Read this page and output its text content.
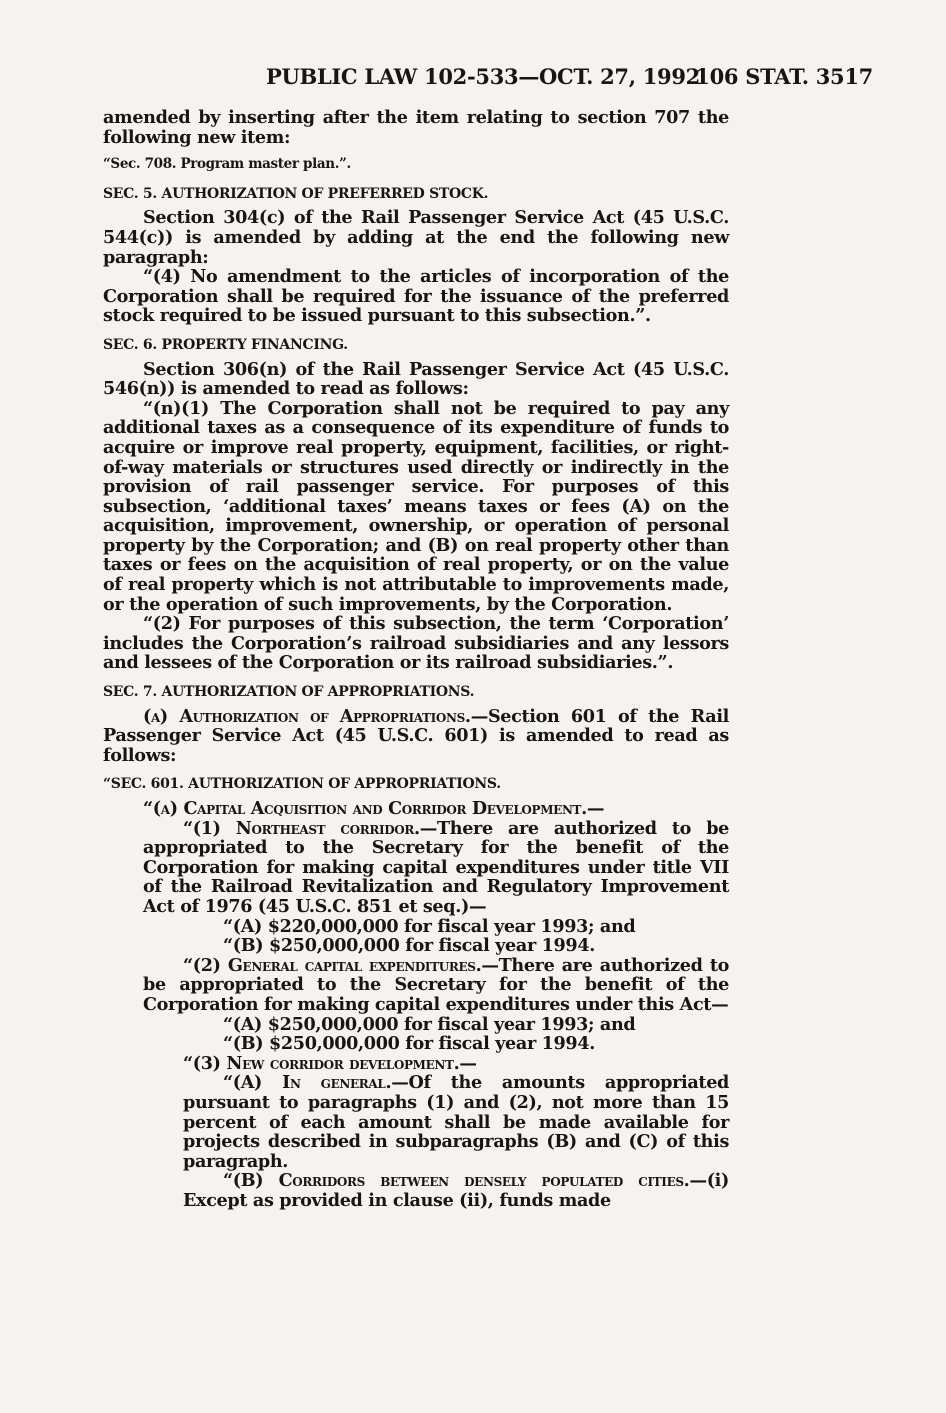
PUBLIC LAW 102-533—OCT. 27, 1992
106 STAT. 3517

amended by inserting after the item relating to section 707 the following new item:

“Sec. 708. Program master plan.”.

SEC. 5. AUTHORIZATION OF PREFERRED STOCK.

Section 304(c) of the Rail Passenger Service Act (45 U.S.C. 544(c)) is amended by adding at the end the following new paragraph:

“(4) No amendment to the articles of incorporation of the Corporation shall be required for the issuance of the preferred stock required to be issued pursuant to this subsection.”.

SEC. 6. PROPERTY FINANCING.

Section 306(n) of the Rail Passenger Service Act (45 U.S.C. 546(n)) is amended to read as follows:

“(n)(1) The Corporation shall not be required to pay any additional taxes as a consequence of its expenditure of funds to acquire or improve real property, equipment, facilities, or right-of-way materials or structures used directly or indirectly in the provision of rail passenger service. For purposes of this subsection, ‘additional taxes’ means taxes or fees (A) on the acquisition, improvement, ownership, or operation of personal property by the Corporation; and (B) on real property other than taxes or fees on the acquisition of real property, or on the value of real property which is not attributable to improvements made, or the operation of such improvements, by the Corporation.

“(2) For purposes of this subsection, the term ‘Corporation’ includes the Corporation’s railroad subsidiaries and any lessors and lessees of the Corporation or its railroad subsidiaries.”.

SEC. 7. AUTHORIZATION OF APPROPRIATIONS.

(a) Authorization of Appropriations.—Section 601 of the Rail Passenger Service Act (45 U.S.C. 601) is amended to read as follows:

“SEC. 601. AUTHORIZATION OF APPROPRIATIONS.

“(a) Capital Acquisition and Corridor Development.—

“(1) Northeast corridor.—There are authorized to be appropriated to the Secretary for the benefit of the Corporation for making capital expenditures under title VII of the Railroad Revitalization and Regulatory Improvement Act of 1976 (45 U.S.C. 851 et seq.)—

“(A) $220,000,000 for fiscal year 1993; and

“(B) $250,000,000 for fiscal year 1994.

“(2) General capital expenditures.—There are authorized to be appropriated to the Secretary for the benefit of the Corporation for making capital expenditures under this Act—

“(A) $250,000,000 for fiscal year 1993; and

“(B) $250,000,000 for fiscal year 1994.

“(3) New corridor development.—

“(A) In general.—Of the amounts appropriated pursuant to paragraphs (1) and (2), not more than 15 percent of each amount shall be made available for projects described in subparagraphs (B) and (C) of this paragraph.

“(B) Corridors between densely populated cities.—(i) Except as provided in clause (ii), funds made
